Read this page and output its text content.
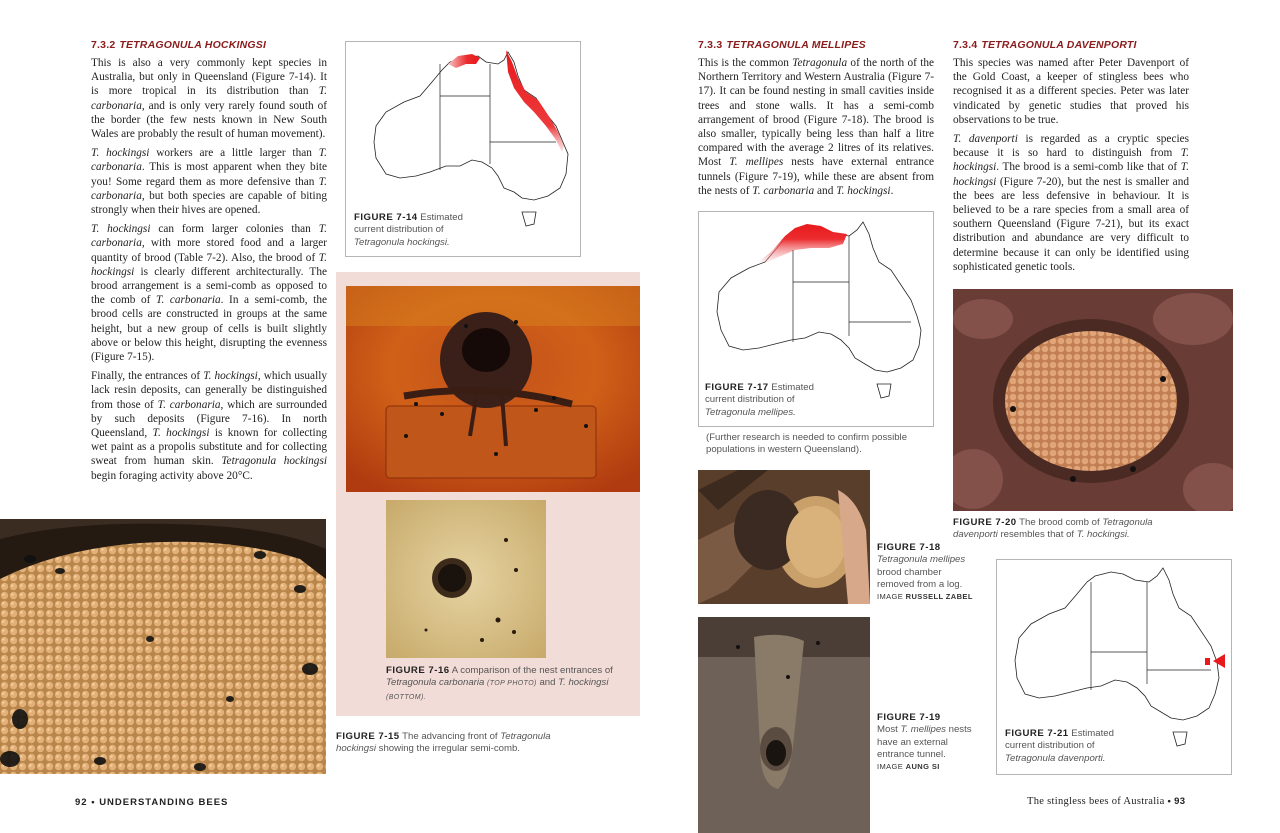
7.3.2 TETRAGONULA HOCKINGSI

This is also a very commonly kept species in Australia, but only in Queensland (Figure 7-14). It is more tropical in its distribution than T. carbonaria, and is only very rarely found south of the border (the few nests known in New South Wales are probably the result of human movement).

T. hockingsi workers are a little larger than T. carbonaria. This is most apparent when they bite you! Some regard them as more defensive than T. carbonaria, but both species are capable of biting strongly when their hives are opened.

T. hockingsi can form larger colonies than T. carbonaria, with more stored food and a larger quantity of brood (Table 7-2). Also, the brood of T. hockingsi is clearly different architecturally. The brood arrangement is a semi-comb as opposed to the comb of T. carbonaria. In a semi-comb, the brood cells are constructed in groups at the same height, but a new group of cells is built slightly above or below this height, disrupting the evenness (Figure 7-15).

Finally, the entrances of T. hockingsi, which usually lack resin deposits, can generally be distinguished from those of T. carbonaria, which are surrounded by such deposits (Figure 7-16). In north Queensland, T. hockingsi is known for collecting wet paint as a propolis substitute and for collecting sweat from human skin. Tetragonula hockingsi begin foraging activity above 20°C.

FIGURE 7-14 Estimated current distribution of Tetragonula hockingsi.
FIGURE 7-16 A comparison of the nest entrances of Tetragonula carbonaria (TOP PHOTO) and T. hockingsi (BOTTOM).
FIGURE 7-15 The advancing front of Tetragonula hockingsi showing the irregular semi-comb.
92 • UNDERSTANDING BEES
7.3.3 TETRAGONULA MELLIPES

This is the common Tetragonula of the north of the Northern Territory and Western Australia (Figure 7-17). It can be found nesting in small cavities inside trees and stone walls. It has a semi-comb arrangement of brood (Figure 7-18). The brood is also smaller, typically being less than half a litre compared with the average 2 litres of its relatives. Most T. mellipes nests have external entrance tunnels (Figure 7-19), while these are absent from the nests of T. carbonaria and T. hockingsi.

7.3.4 TETRAGONULA DAVENPORTI

This species was named after Peter Davenport of the Gold Coast, a keeper of stingless bees who recognised it as a different species. Peter was later vindicated by genetic studies that proved his observations to be true.

T. davenporti is regarded as a cryptic species because it is so hard to distinguish from T. hockingsi. The brood is a semi-comb like that of T. hockingsi (Figure 7-20), but the nest is smaller and the bees are less defensive in behaviour. It is believed to be a rare species from a small area of southern Queensland (Figure 7-21), but its exact distribution and abundance are very difficult to determine because it can only be identified using sophisticated genetic tools.

FIGURE 7-17 Estimated current distribution of Tetragonula mellipes.
(Further research is needed to confirm possible populations in western Queensland).
FIGURE 7-18
Tetragonula mellipes brood chamber removed from a log.
IMAGE RUSSELL ZABEL
FIGURE 7-19
Most T. mellipes nests have an external entrance tunnel.
IMAGE AUNG SI
FIGURE 7-20 The brood comb of Tetragonula davenporti resembles that of T. hockingsi.
FIGURE 7-21 Estimated current distribution of Tetragonula davenporti.
The stingless bees of Australia • 93
